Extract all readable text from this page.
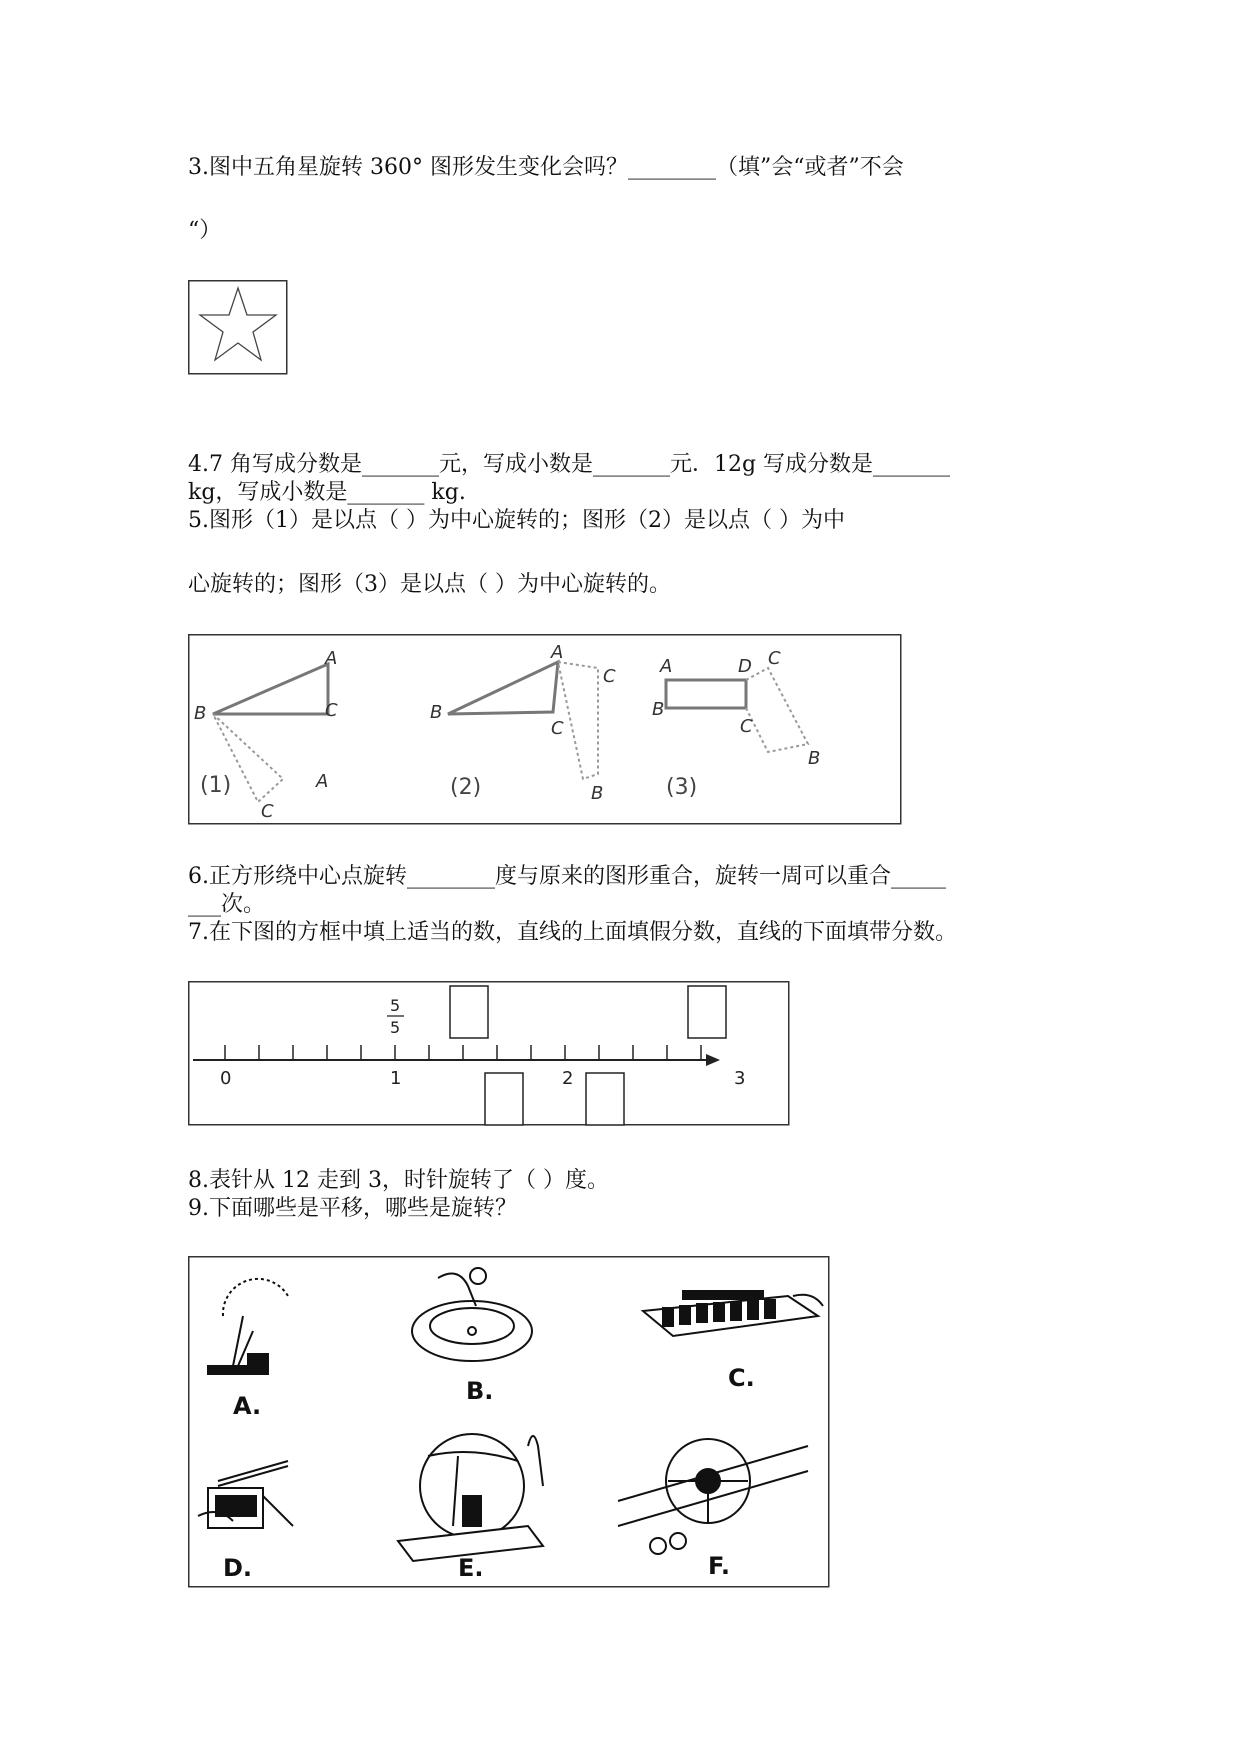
3.图中五角星旋转 360° 图形发生变化会吗？________（填”会“或者”不会
“）
4.7 角写成分数是_______元，写成小数是_______元．12g 写成分数是_______
kg，写成小数是_______ kg.
5.图形（1）是以点（ ）为中心旋转的；图形（2）是以点（ ）为中
心旋转的；图形（3）是以点（ ）为中心旋转的。
A
B	C
A
C
(1)
A
C
B
C
B
(2)
A	D C
B
C
B
(3)
6.正方形绕中心点旋转________度与原来的图形重合，旋转一周可以重合_____
___次。
7.在下图的方框中填上适当的数，直线的上面填假分数，直线的下面填带分数。
0	1	2	3
5
5
8.表针从 12 走到 3，时针旋转了（ ）度。
9.下面哪些是平移，哪些是旋转？
A.
B.	C.
D.	E.	F.
